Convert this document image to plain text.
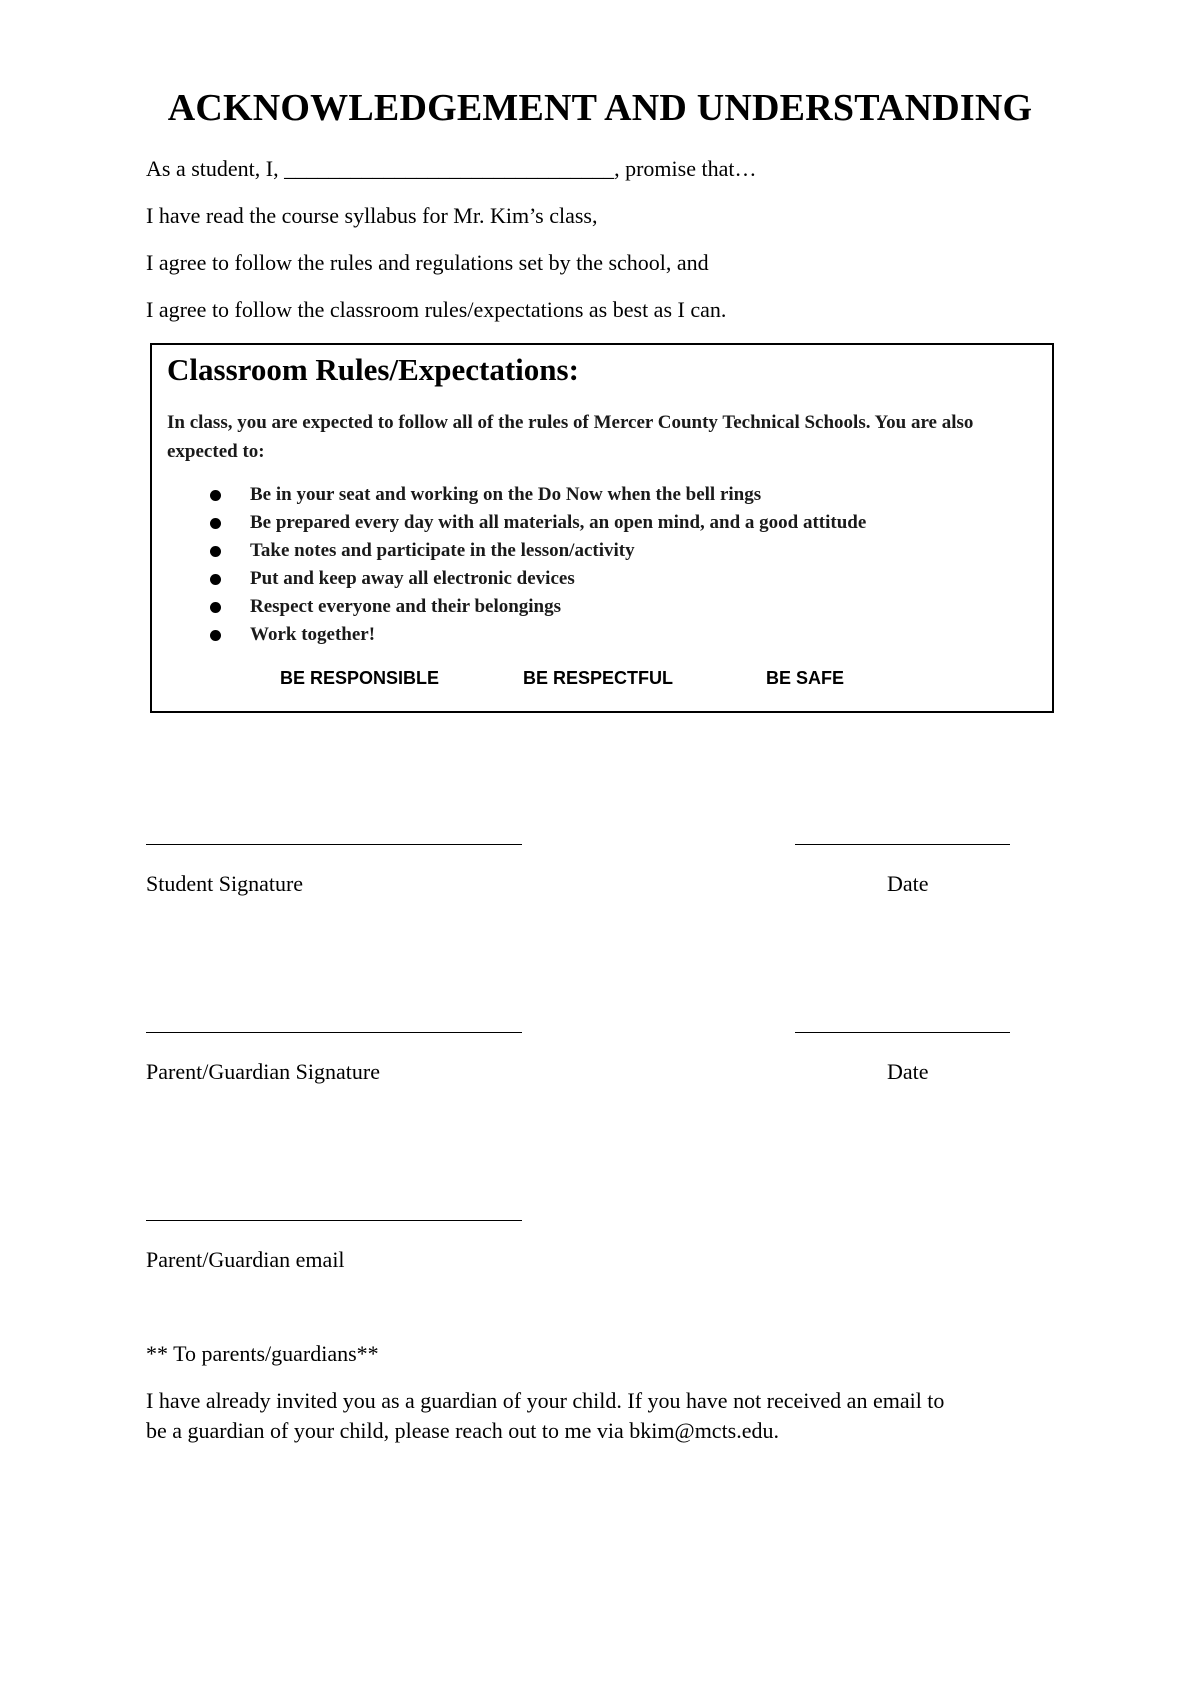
ACKNOWLEDGEMENT AND UNDERSTANDING
As a student, I, ______________________________, promise that…
I have read the course syllabus for Mr. Kim’s class,
I agree to follow the rules and regulations set by the school, and
I agree to follow the classroom rules/expectations as best as I can.
Classroom Rules/Expectations:
In class, you are expected to follow all of the rules of Mercer County Technical Schools. You are also expected to:
Be in your seat and working on the Do Now when the bell rings
Be prepared every day with all materials, an open mind, and a good attitude
Take notes and participate in the lesson/activity
Put and keep away all electronic devices
Respect everyone and their belongings
Work together!
BE RESPONSIBLE	BE RESPECTFUL	BE SAFE
Student Signature	Date
Parent/Guardian Signature	Date
Parent/Guardian email
** To parents/guardians**
I have already invited you as a guardian of your child. If you have not received an email to
be a guardian of your child, please reach out to me via bkim@mcts.edu.
